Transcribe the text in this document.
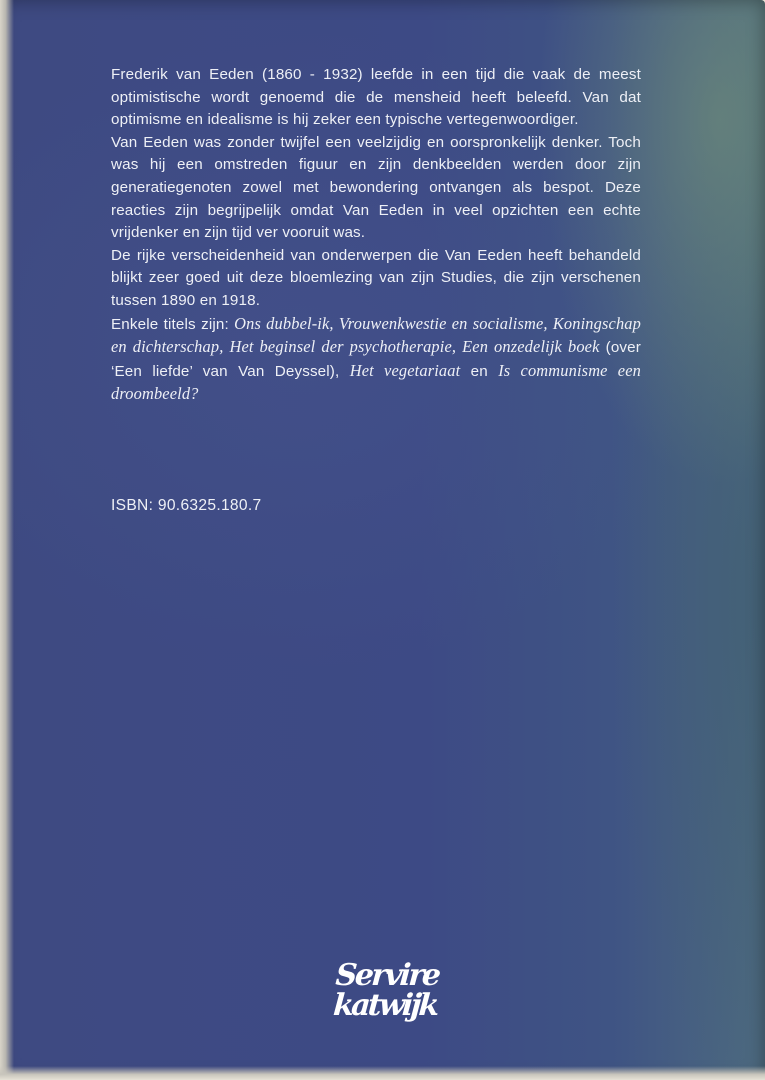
Frederik van Eeden (1860 - 1932) leefde in een tijd die vaak de meest optimistische wordt genoemd die de mensheid heeft beleefd. Van dat optimisme en idealisme is hij zeker een typische vertegenwoordiger.

Van Eeden was zonder twijfel een veelzijdig en oorspronkelijk denker. Toch was hij een omstreden figuur en zijn denkbeelden werden door zijn generatiegenoten zowel met bewondering ontvangen als bespot. Deze reacties zijn begrijpelijk omdat Van Eeden in veel opzichten een echte vrijdenker en zijn tijd ver vooruit was.

De rijke verscheidenheid van onderwerpen die Van Eeden heeft behandeld blijkt zeer goed uit deze bloemlezing van zijn Studies, die zijn verschenen tussen 1890 en 1918.

Enkele titels zijn: Ons dubbel-ik, Vrouwenkwestie en socialisme, Koningschap en dichterschap, Het beginsel der psychotherapie, Een onzedelijk boek (over ‘Een liefde’ van Van Deyssel), Het vegetariaat en Is communisme een droombeeld?

ISBN: 90.6325.180.7
Servire
katwijk
